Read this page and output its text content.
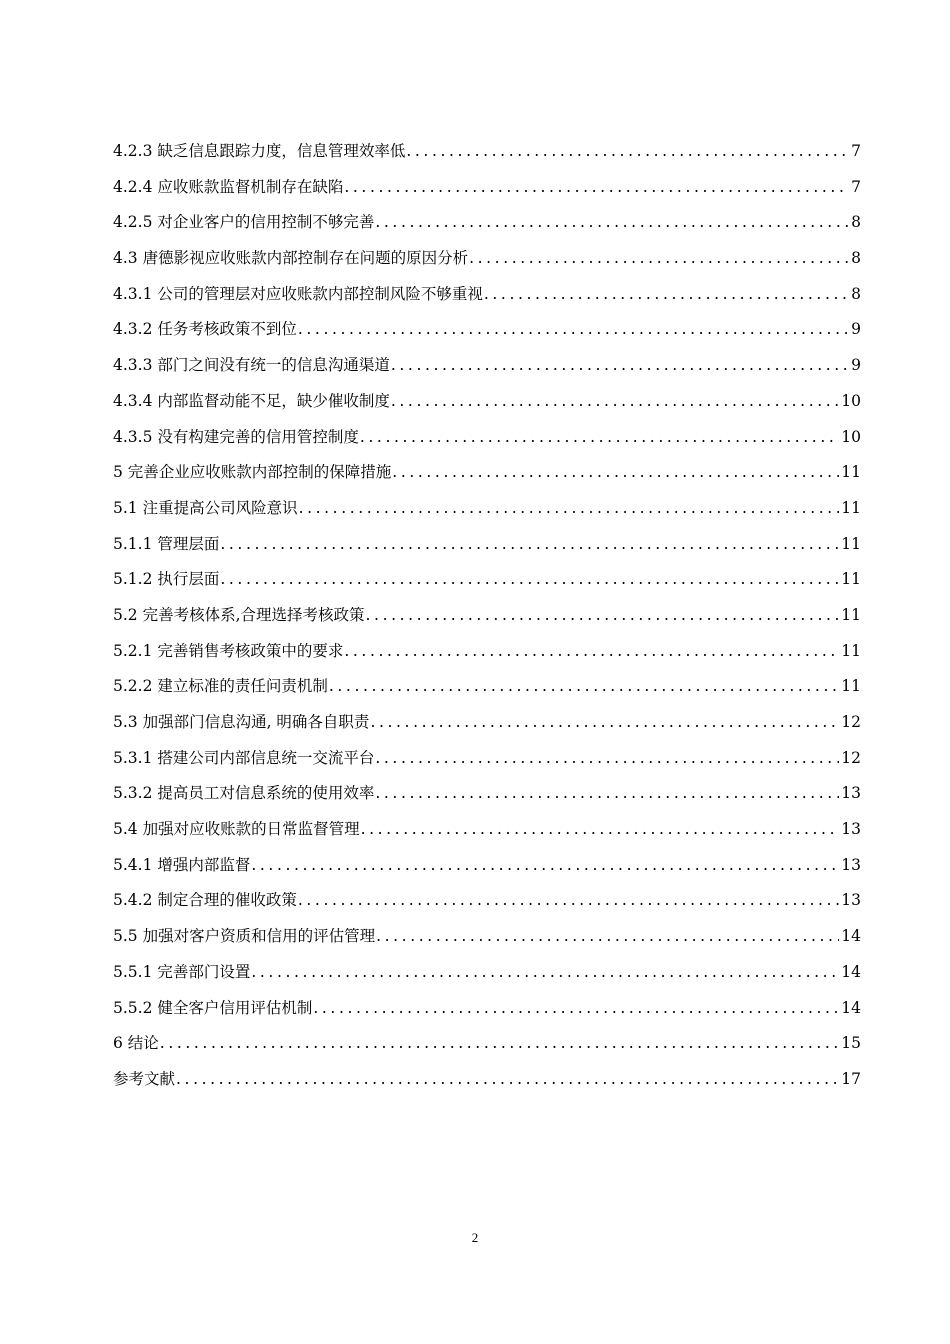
4.2.3 缺乏信息跟踪力度，信息管理效率低 .....	7
4.2.4 应收账款监督机制存在缺陷 .....	7
4.2.5 对企业客户的信用控制不够完善 .....	8
4.3 唐德影视应收账款内部控制存在问题的原因分析 .....	8
4.3.1 公司的管理层对应收账款内部控制风险不够重视 .....	8
4.3.2 任务考核政策不到位 .....	9
4.3.3 部门之间没有统一的信息沟通渠道 .....	9
4.3.4 内部监督动能不足，缺少催收制度 .....	10
4.3.5 没有构建完善的信用管控制度 .....	10
5 完善企业应收账款内部控制的保障措施 .....	11
5.1 注重提高公司风险意识 .....	11
5.1.1 管理层面 .....	11
5.1.2 执行层面 .....	11
5.2 完善考核体系,合理选择考核政策 .....	11
5.2.1 完善销售考核政策中的要求 .....	11
5.2.2 建立标准的责任问责机制 .....	11
5.3 加强部门信息沟通, 明确各自职责 .....	12
5.3.1 搭建公司内部信息统一交流平台 .....	12
5.3.2 提高员工对信息系统的使用效率 .....	13
5.4 加强对应收账款的日常监督管理 .....	13
5.4.1 增强内部监督 .....	13
5.4.2 制定合理的催收政策 .....	13
5.5 加强对客户资质和信用的评估管理 .....	14
5.5.1 完善部门设置 .....	14
5.5.2 健全客户信用评估机制 .....	14
6 结论 .....	15
参考文献 .....	17
2
